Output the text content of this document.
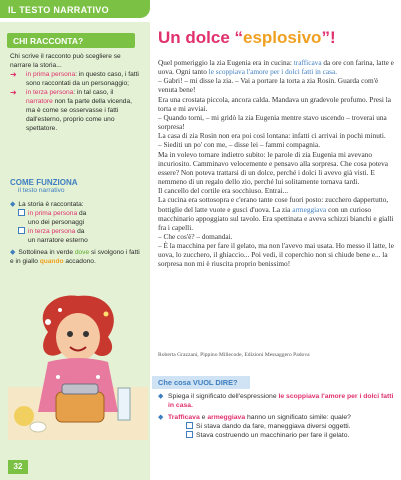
IL TESTO NARRATIVO
CHI RACCONTA?
Chi scrive il racconto può scegliere se narrare la storia...
➜ in prima persona: in questo caso, i fatti sono raccontati da un personaggio;
➜ in terza persona: in tal caso, il narratore non fa parte della vicenda, ma è come se osservasse i fatti dall'esterno, proprio come uno spettatore.
COME FUNZIONA
il testo narrativo
◆ La storia è raccontata:
in prima persona da
uno dei personaggi
in terza persona da
un narratore esterno
◆ Sottolinea in verde dove si svolgono i fatti e in giallo quando accadono.
32
Un dolce “esplosivo”!
Quel pomeriggio la zia Eugenia era in cucina: trafficava da ore con farina, latte e uova. Ogni tanto le scoppiava l'amore per i dolci fatti in casa.
– Gabri! – mi disse la zia. – Vai a portare la torta a zia Rosin. Guarda com'è venuta bene!
Era una crostata piccola, ancora calda. Mandava un gradevole profumo. Presi la torta e mi avviai.
– Quando torni, – mi gridò la zia Eugenia mentre stavo uscendo – troverai una sorpresa!
La casa di zia Rosin non era poi così lontana: infatti ci arrivai in pochi minuti.
– Siediti un po' con me, – disse lei – fammi compagnia.
Ma in volevo tornare indietro subito: le parole di zia Eugenia mi avevano incuriosito. Camminavo velocemente e pensavo alla sorpresa. Che cosa poteva essere? Non poteva trattarsi di un dolce, perché i dolci li avevo già visti. E nemmeno di un regalo dello zio, perché lui solitamente tornava tardi.
Il cancello del cortile era socchiuso. Entrai...
La cucina era sottosopra e c'erano tante cose fuori posto: zucchero dappertutto, bottiglie del latte vuote e gusci d'uova. La zia armeggiava con un curioso macchinario appoggiato sul tavolo. Era spettinata e aveva schizzi bianchi e gialli fra i capelli.
– Che cos'è? – domandai.
– È la macchina per fare il gelato, ma non l'avevo mai usata. Ho messo il latte, le uova, lo zucchero, il ghiaccio... Poi vedi, il coperchio non si chiude bene e... la sorpresa non mi è riuscita proprio benissimo!
Roberta Grazzani, Pippino Millecode, Edizioni Messaggero Padova
Che cosa VUOL DIRE?
◆ Spiega il significato dell'espressione le scoppiava l'amore per i dolci fatti in casa.
◆ Trafficava e armeggiava hanno un significato simile: quale?
Si stava dando da fare, maneggiava diversi oggetti.
Stava costruendo un macchinario per fare il gelato.
